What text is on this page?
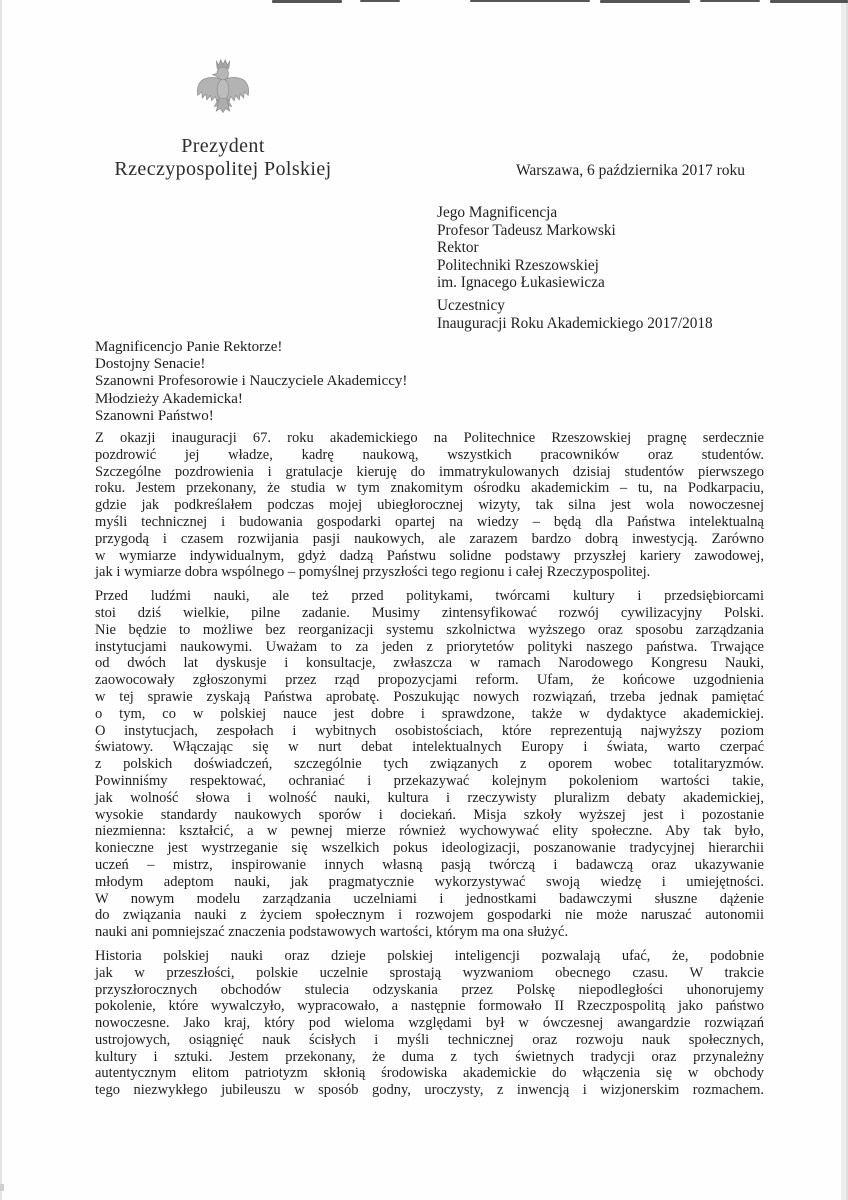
Prezydent
Rzeczypospolitej Polskiej	Warszawa, 6 października 2017 roku
Jego Magnificencja
Profesor Tadeusz Markowski
Rektor
Politechniki Rzeszowskiej
im. Ignacego Łukasiewicza
Uczestnicy
Inauguracji Roku Akademickiego 2017/2018
Magnificencjo Panie Rektorze!
Dostojny Senacie!
Szanowni Profesorowie i Nauczyciele Akademiccy!
Młodzieży Akademicka!
Szanowni Państwo!
Z okazji inauguracji 67. roku akademickiego na Politechnice Rzeszowskiej pragnę serdecznie
pozdrowić jej władze, kadrę naukową, wszystkich pracowników oraz studentów.
Szczególne pozdrowienia i gratulacje kieruję do immatrykulowanych dzisiaj studentów pierwszego
roku. Jestem przekonany, że studia w tym znakomitym ośrodku akademickim – tu, na Podkarpaciu,
gdzie jak podkreślałem podczas mojej ubiegłorocznej wizyty, tak silna jest wola nowoczesnej
myśli technicznej i budowania gospodarki opartej na wiedzy – będą dla Państwa intelektualną
przygodą i czasem rozwijania pasji naukowych, ale zarazem bardzo dobrą inwestycją. Zarówno
w wymiarze indywidualnym, gdyż dadzą Państwu solidne podstawy przyszłej kariery zawodowej,
jak i wymiarze dobra wspólnego – pomyślnej przyszłości tego regionu i całej Rzeczypospolitej.
Przed ludźmi nauki, ale też przed politykami, twórcami kultury i przedsiębiorcami
stoi dziś wielkie, pilne zadanie. Musimy zintensyfikować rozwój cywilizacyjny Polski.
Nie będzie to możliwe bez reorganizacji systemu szkolnictwa wyższego oraz sposobu zarządzania
instytucjami naukowymi. Uważam to za jeden z priorytetów polityki naszego państwa. Trwające
od dwóch lat dyskusje i konsultacje, zwłaszcza w ramach Narodowego Kongresu Nauki,
zaowocowały zgłoszonymi przez rząd propozycjami reform. Ufam, że końcowe uzgodnienia
w tej sprawie zyskają Państwa aprobatę. Poszukując nowych rozwiązań, trzeba jednak pamiętać
o tym, co w polskiej nauce jest dobre i sprawdzone, także w dydaktyce akademickiej.
O instytucjach, zespołach i wybitnych osobistościach, które reprezentują najwyższy poziom
światowy. Włączając się w nurt debat intelektualnych Europy i świata, warto czerpać
z polskich doświadczeń, szczególnie tych związanych z oporem wobec totalitaryzmów.
Powinniśmy respektować, ochraniać i przekazywać kolejnym pokoleniom wartości takie,
jak wolność słowa i wolność nauki, kultura i rzeczywisty pluralizm debaty akademickiej,
wysokie standardy naukowych sporów i dociekań. Misja szkoły wyższej jest i pozostanie
niezmienna: kształcić, a w pewnej mierze również wychowywać elity społeczne. Aby tak było,
konieczne jest wystrzeganie się wszelkich pokus ideologizacji, poszanowanie tradycyjnej hierarchii
uczeń – mistrz, inspirowanie innych własną pasją twórczą i badawczą oraz ukazywanie
młodym adeptom nauki, jak pragmatycznie wykorzystywać swoją wiedzę i umiejętności.
W nowym modelu zarządzania uczelniami i jednostkami badawczymi słuszne dążenie
do związania nauki z życiem społecznym i rozwojem gospodarki nie może naruszać autonomii
nauki ani pomniejszać znaczenia podstawowych wartości, którym ma ona służyć.
Historia polskiej nauki oraz dzieje polskiej inteligencji pozwalają ufać, że, podobnie
jak w przeszłości, polskie uczelnie sprostają wyzwaniom obecnego czasu. W trakcie
przyszłorocznych obchodów stulecia odzyskania przez Polskę niepodległości uhonorujemy
pokolenie, które wywalczyło, wypracowało, a następnie formowało II Rzeczpospolitą jako państwo
nowoczesne. Jako kraj, który pod wieloma względami był w ówczesnej awangardzie rozwiązań
ustrojowych, osiągnięć nauk ścisłych i myśli technicznej oraz rozwoju nauk społecznych,
kultury i sztuki. Jestem przekonany, że duma z tych świetnych tradycji oraz przynależny
autentycznym elitom patriotyzm skłonią środowiska akademickie do włączenia się w obchody
tego niezwykłego jubileuszu w sposób godny, uroczysty, z inwencją i wizjonerskim rozmachem.
